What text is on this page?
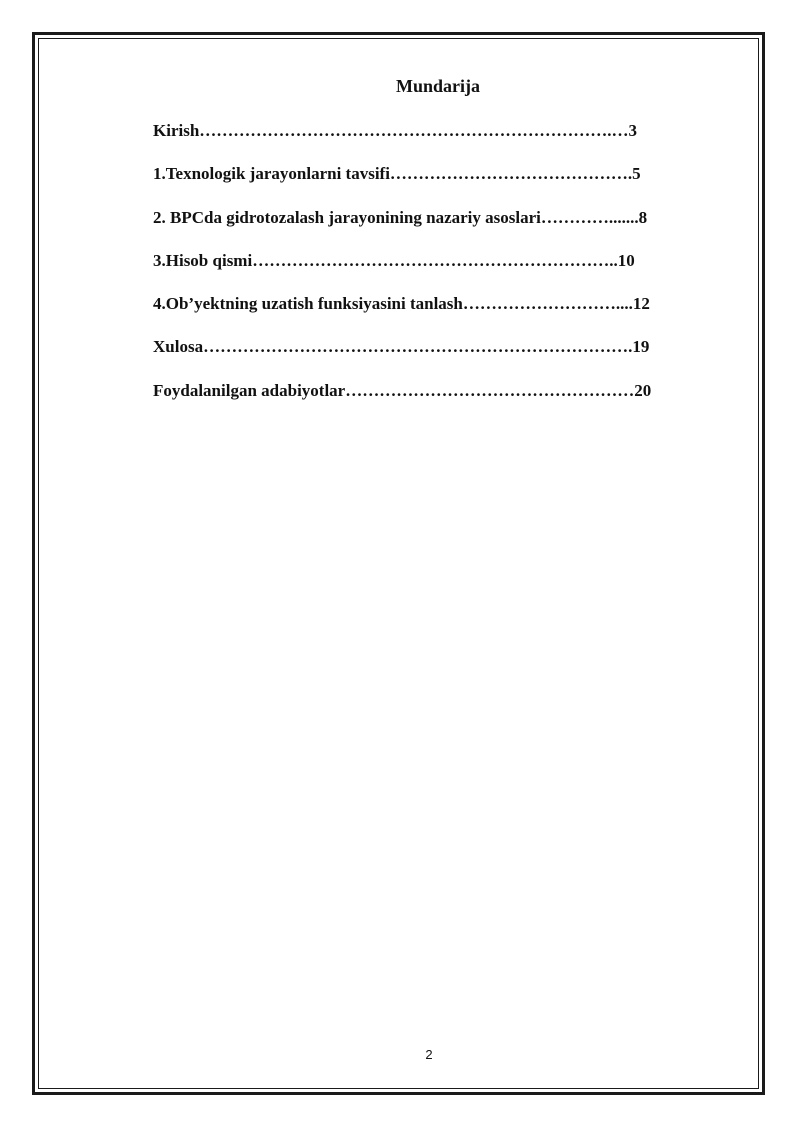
Mundarija
Kirish……………………………………………………………….…3
1.Texnologik jarayonlarni tavsifi…………………………………….5
2. BPCda gidrotozalash jarayonining nazariy asoslari………….......8
3.Hisob qismi………………………………………………………..10
4.Ob’yektning uzatish funksiyasini tanlash………………………....12
Xulosa………………………………………………………………….19
Foydalanilgan adabiyotlar……………………………………………20
2
